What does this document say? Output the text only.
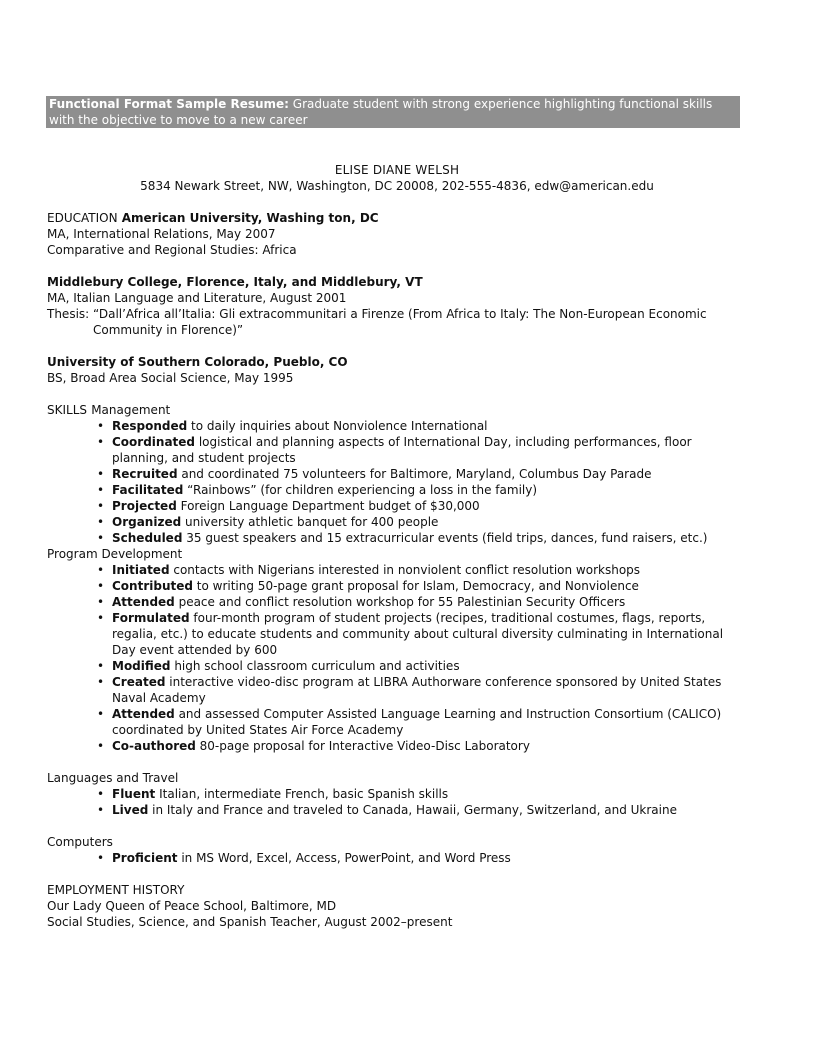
Functional Format Sample Resume: Graduate student with strong experience highlighting functional skills with the objective to move to a new career
ELISE DIANE WELSH
5834 Newark Street, NW, Washington, DC 20008, 202-555-4836, edw@american.edu
EDUCATION American University, Washing ton, DC
MA, International Relations, May 2007
Comparative and Regional Studies: Africa
Middlebury College, Florence, Italy, and Middlebury, VT
MA, Italian Language and Literature, August 2001
Thesis: “Dall’Africa all’Italia: Gli extracommunitari a Firenze (From Africa to Italy: The Non-European Economic Community in Florence)”
University of Southern Colorado, Pueblo, CO
BS, Broad Area Social Science, May 1995
SKILLS Management
• Responded to daily inquiries about Nonviolence International
• Coordinated logistical and planning aspects of International Day, including performances, floor planning, and student projects
• Recruited and coordinated 75 volunteers for Baltimore, Maryland, Columbus Day Parade
• Facilitated “Rainbows” (for children experiencing a loss in the family)
• Projected Foreign Language Department budget of $30,000
• Organized university athletic banquet for 400 people
• Scheduled 35 guest speakers and 15 extracurricular events (field trips, dances, fund raisers, etc.)
Program Development
• Initiated contacts with Nigerians interested in nonviolent conflict resolution workshops
• Contributed to writing 50-page grant proposal for Islam, Democracy, and Nonviolence
• Attended peace and conflict resolution workshop for 55 Palestinian Security Officers
• Formulated four-month program of student projects (recipes, traditional costumes, flags, reports, regalia, etc.) to educate students and community about cultural diversity culminating in International Day event attended by 600
• Modified high school classroom curriculum and activities
• Created interactive video-disc program at LIBRA Authorware conference sponsored by United States Naval Academy
• Attended and assessed Computer Assisted Language Learning and Instruction Consortium (CALICO) coordinated by United States Air Force Academy
• Co-authored 80-page proposal for Interactive Video-Disc Laboratory
Languages and Travel
• Fluent Italian, intermediate French, basic Spanish skills
• Lived in Italy and France and traveled to Canada, Hawaii, Germany, Switzerland, and Ukraine
Computers
• Proficient in MS Word, Excel, Access, PowerPoint, and Word Press
EMPLOYMENT HISTORY
Our Lady Queen of Peace School, Baltimore, MD
Social Studies, Science, and Spanish Teacher, August 2002–present
